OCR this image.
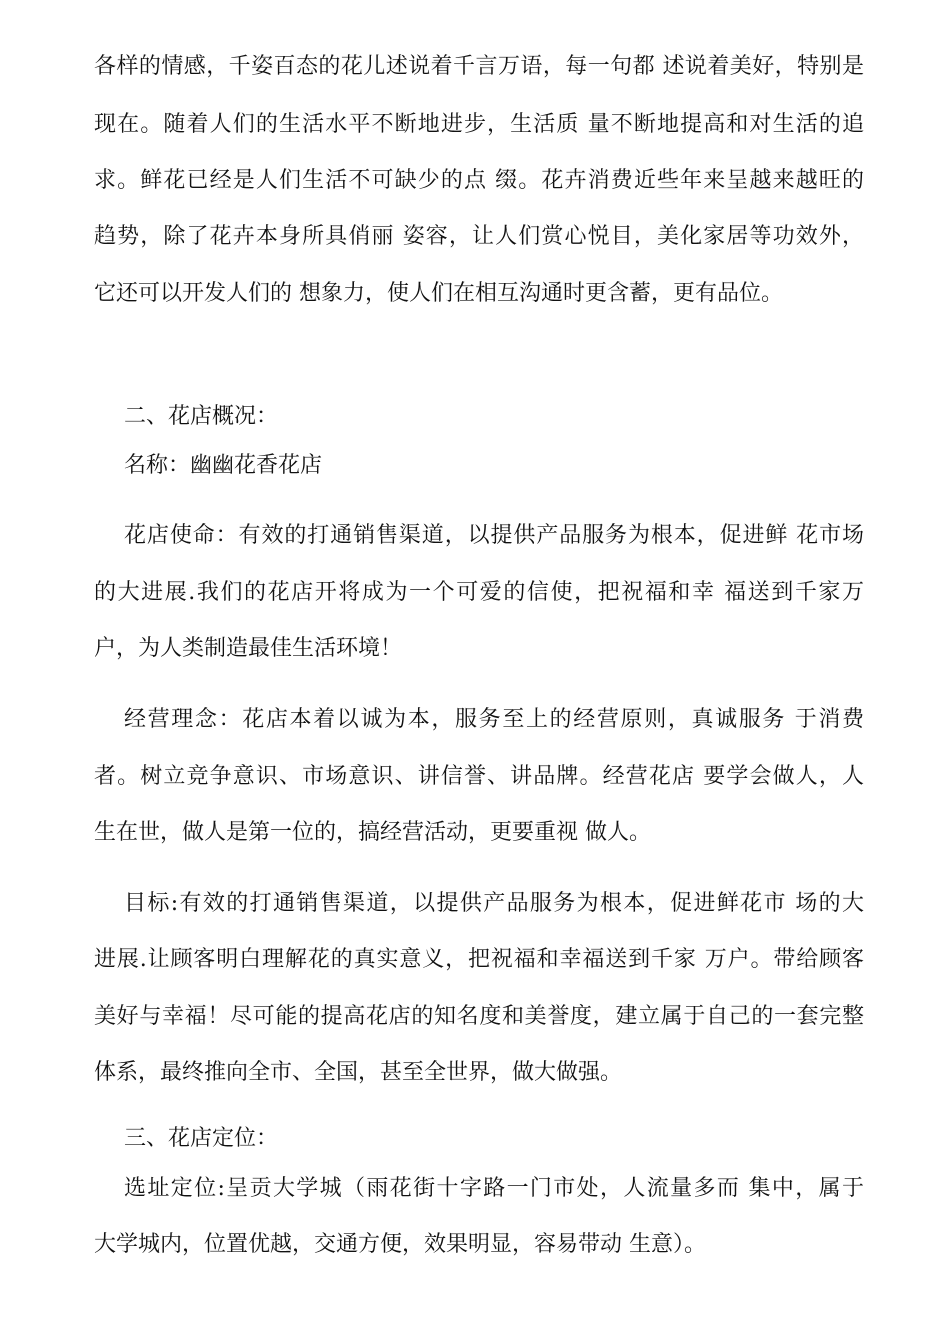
各样的情感，千姿百态的花儿述说着千言万语，每一句都 述说着美好，特别是
现在。随着人们的生活水平不断地进步，生活质 量不断地提高和对生活的追
求。鲜花已经是人们生活不可缺少的点 缀。花卉消费近些年来呈越来越旺的
趋势，除了花卉本身所具俏丽 姿容，让人们赏心悦目，美化家居等功效外，
它还可以开发人们的 想象力，使人们在相互沟通时更含蓄，更有品位。
二、花店概况：
名称：幽幽花香花店
花店使命：有效的打通销售渠道，以提供产品服务为根本，促进鲜 花市场
的大进展.我们的花店开将成为一个可爱的信使，把祝福和幸 福送到千家万
户，为人类制造最佳生活环境！
经营理念：花店本着以诚为本，服务至上的经营原则，真诚服务 于消费
者。树立竞争意识、市场意识、讲信誉、讲品牌。经营花店 要学会做人，人
生在世，做人是第一位的，搞经营活动，更要重视 做人。
目标:有效的打通销售渠道，以提供产品服务为根本，促进鲜花市 场的大
进展.让顾客明白理解花的真实意义，把祝福和幸福送到千家 万户。带给顾客
美好与幸福！尽可能的提高花店的知名度和美誉度，建立属于自己的一套完整
体系，最终推向全市、全国，甚至全世界，做大做强。
三、花店定位：
选址定位:呈贡大学城（雨花街十字路一门市处，人流量多而 集中，属于
大学城内，位置优越，交通方便，效果明显，容易带动 生意）。
